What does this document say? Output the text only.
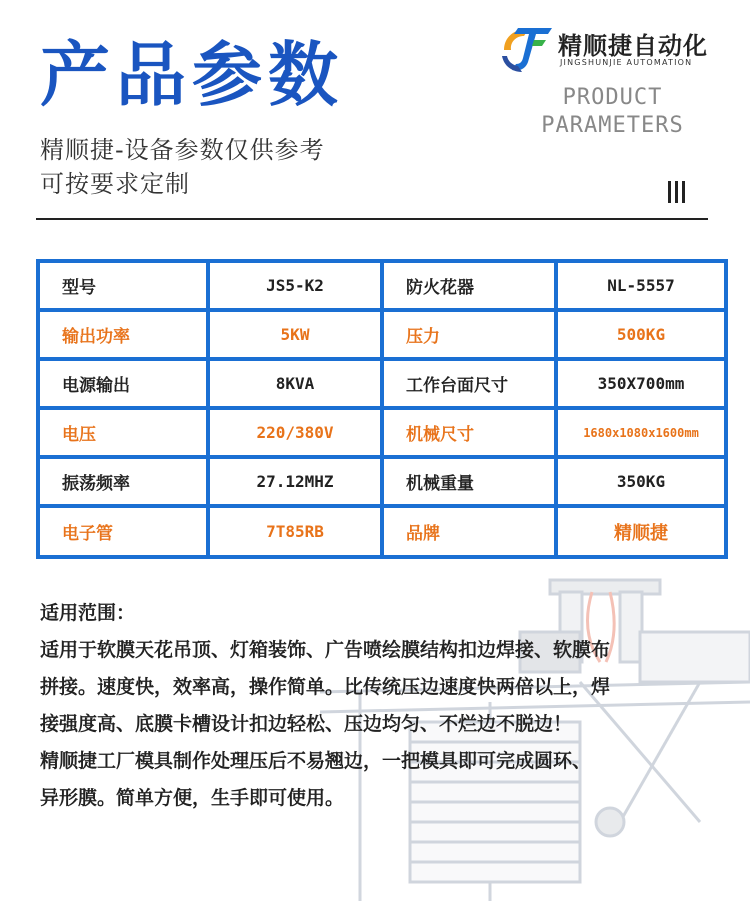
产品参数
精顺捷-设备参数仅供参考
可按要求定制
精顺捷自动化
JINGSHUNJIE AUTOMATION
PRODUCT
PARAMETERS
型号	JS5-K2	防火花器	NL-5557
输出功率	5KW	压力	500KG
电源输出	8KVA	工作台面尺寸	350X700mm
电压	220/380V	机械尺寸	1680x1080x1600mm
振荡频率	27.12MHZ	机械重量	350KG
电子管	7T85RB	品牌	精顺捷

适用范围：

适用于软膜天花吊顶、灯箱装饰、广告喷绘膜结构扣边焊接、软膜布

拼接。速度快，效率高，操作简单。比传统压边速度快两倍以上，焊

接强度高、底膜卡槽设计扣边轻松、压边均匀、不烂边不脱边！

精顺捷工厂模具制作处理压后不易翘边，一把模具即可完成圆环、

异形膜。简单方便，生手即可使用。
